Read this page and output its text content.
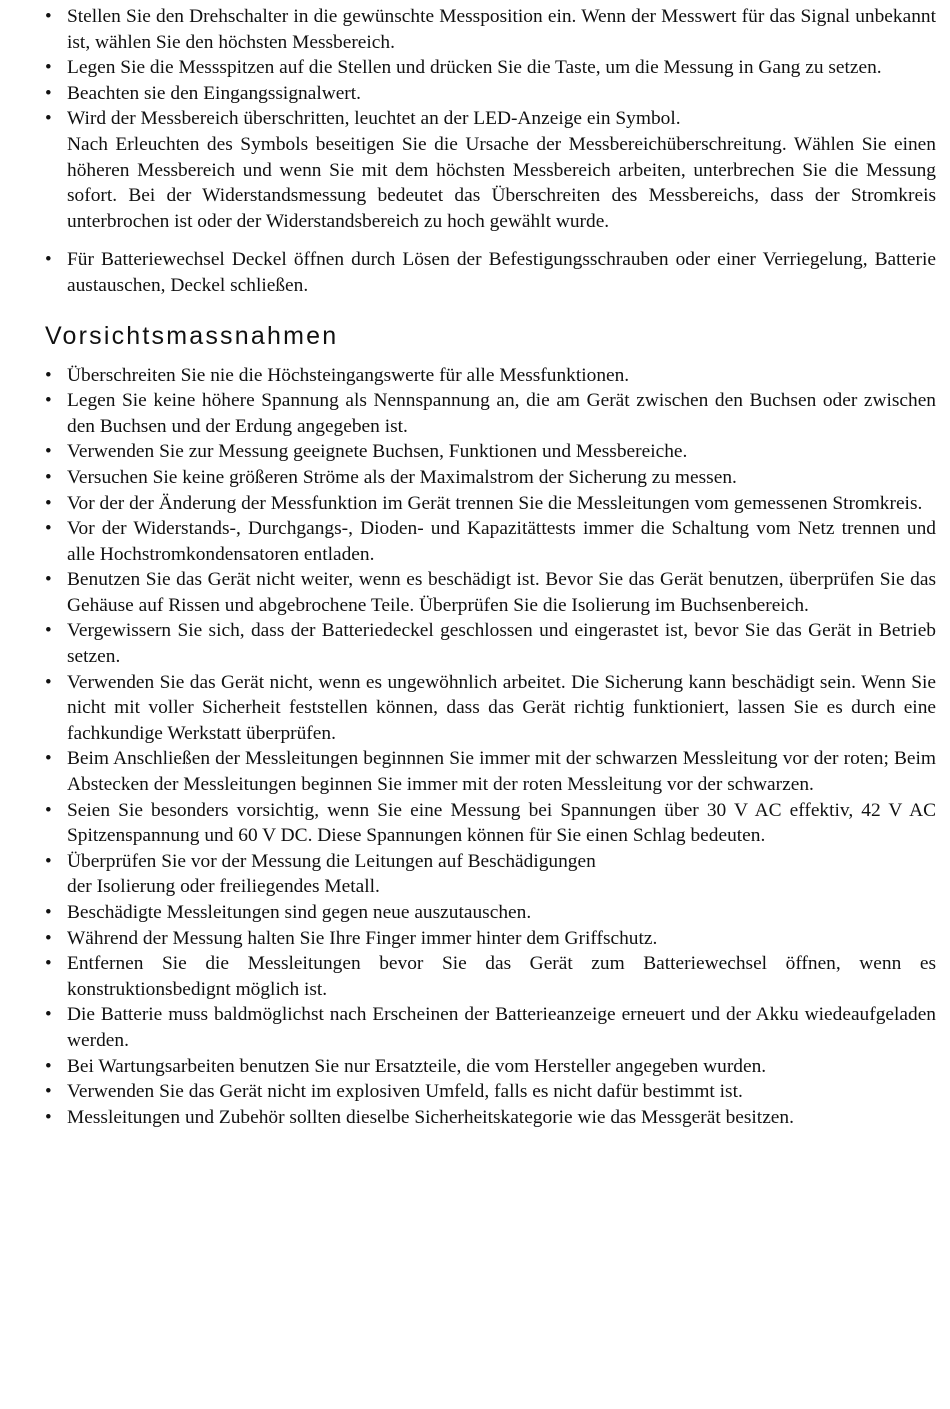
• Stellen Sie den Drehschalter in die gewünschte Messposition ein. Wenn der Messwert für das Signal unbekannt ist, wählen Sie den höchsten Messbereich.
• Legen Sie die Messspitzen auf die Stellen und drücken Sie die Taste, um die Messung in Gang zu setzen.
• Beachten sie den Eingangssignalwert.
• Wird der Messbereich überschritten, leuchtet an der LED-Anzeige ein Symbol.
Nach Erleuchten des Symbols beseitigen Sie die Ursache der Messbereichüberschreitung. Wählen Sie einen höheren Messbereich und wenn Sie mit dem höchsten Messbereich arbeiten, unterbrechen Sie die Messung sofort. Bei der Widerstandsmessung bedeutet das Überschreiten des Messbereichs, dass der Stromkreis unterbrochen ist oder der Widerstandsbereich zu hoch gewählt wurde.
• Für Batteriewechsel Deckel öffnen durch Lösen der Befestigungsschrauben oder einer Verriegelung, Batterie austauschen, Deckel schließen.
Vorsichtsmassnahmen
• Überschreiten Sie nie die Höchsteingangswerte für alle Messfunktionen.
• Legen Sie keine höhere Spannung als Nennspannung an, die am Gerät zwischen den Buchsen oder zwischen den Buchsen und der Erdung angegeben ist.
• Verwenden Sie zur Messung geeignete Buchsen, Funktionen und Messbereiche.
• Versuchen Sie keine größeren Ströme als der Maximalstrom der Sicherung zu messen.
• Vor der der Änderung der Messfunktion im Gerät trennen Sie die Messleitungen vom gemessenen Stromkreis.
• Vor der Widerstands-, Durchgangs-, Dioden- und Kapazitättests immer die Schaltung vom Netz trennen und alle Hochstromkondensatoren entladen.
• Benutzen Sie das Gerät nicht weiter, wenn es beschädigt ist. Bevor Sie das Gerät benutzen, überprüfen Sie das Gehäuse auf Rissen und abgebrochene Teile. Überprüfen Sie die Isolierung im Buchsenbereich.
• Vergewissern Sie sich, dass der Batteriedeckel geschlossen und eingerastet ist, bevor Sie das Gerät in Betrieb setzen.
• Verwenden Sie das Gerät nicht, wenn es ungewöhnlich arbeitet. Die Sicherung kann beschädigt sein. Wenn Sie nicht mit voller Sicherheit feststellen können, dass das Gerät richtig funktioniert, lassen Sie es durch eine fachkundige Werkstatt überprüfen.
• Beim Anschließen der Messleitungen beginnnen Sie immer mit der schwarzen Messleitung vor der roten; Beim Abstecken der Messleitungen beginnen Sie immer mit der roten Messleitung vor der schwarzen.
• Seien Sie besonders vorsichtig, wenn Sie eine Messung bei Spannungen über 30 V AC effektiv, 42 V AC Spitzenspannung und 60 V DC. Diese Spannungen können für Sie einen Schlag bedeuten.
• Überprüfen Sie vor der Messung die Leitungen auf Beschädigungen
der Isolierung oder freiliegendes Metall.
• Beschädigte Messleitungen sind gegen neue auszutauschen.
• Während der Messung halten Sie Ihre Finger immer hinter dem Griffschutz.
• Entfernen Sie die Messleitungen bevor Sie das Gerät zum Batteriewechsel öffnen, wenn es konstruktionsbedignt möglich ist.
• Die Batterie muss baldmöglichst nach Erscheinen der Batterieanzeige erneuert und der Akku wiedeaufgeladen werden.
• Bei Wartungsarbeiten benutzen Sie nur Ersatzteile, die vom Hersteller angegeben wurden.
• Verwenden Sie das Gerät nicht im explosiven Umfeld, falls es nicht dafür bestimmt ist.
• Messleitungen und Zubehör sollten dieselbe Sicherheitskategorie wie das Messgerät besitzen.
